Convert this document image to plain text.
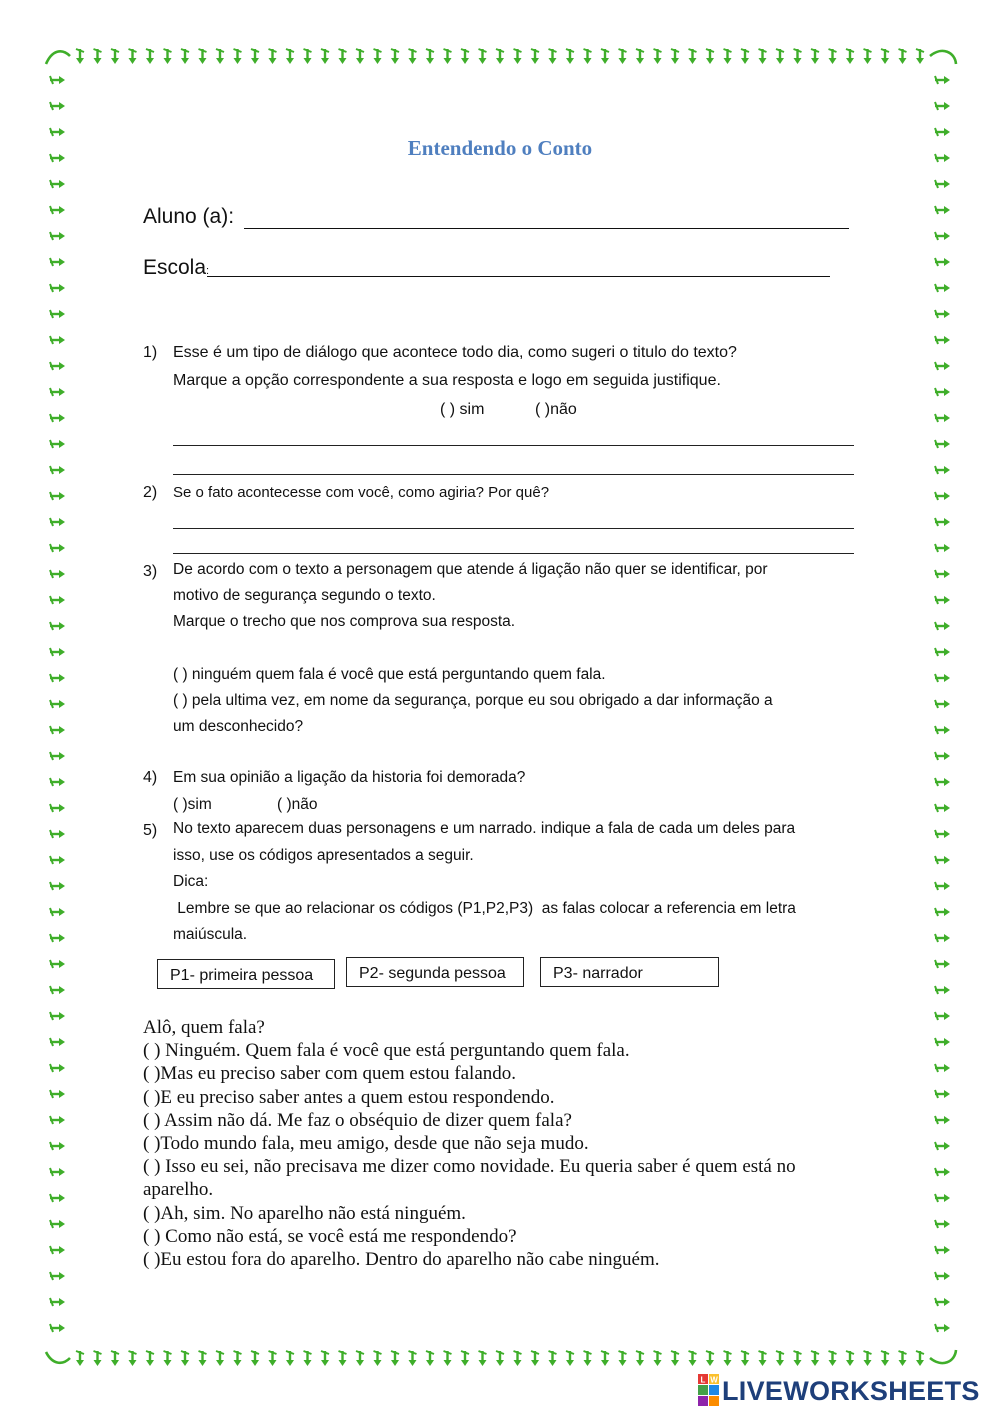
Entendendo o Conto
Aluno (a):
Escola:
1) Esse é um tipo de diálogo que acontece todo dia, como sugeri o titulo do texto?
Marque a opção correspondente a sua resposta e logo em seguida justifique.
( ) sim	( )não
2) Se o fato acontecesse com você, como agiria? Por quê?
3) De acordo com o texto a personagem que atende á ligação não quer se identificar, por
motivo de segurança segundo o texto.
Marque o trecho que nos comprova sua resposta.
( ) ninguém quem fala é você que está perguntando quem fala.
( ) pela ultima vez, em nome da segurança, porque eu sou obrigado a dar informação a
um desconhecido?
4) Em sua opinião a ligação da historia foi demorada?
( )sim	( )não
5) No texto aparecem duas personagens e um narrado. indique a fala de cada um deles para
isso, use os códigos apresentados a seguir.
Dica:
Lembre se que ao relacionar os códigos (P1,P2,P3)  as falas colocar a referencia em letra
maiúscula.
P1- primeira pessoa	P2- segunda pessoa	P3- narrador
Alô, quem fala?
( ) Ninguém. Quem fala é você que está perguntando quem fala.
( )Mas eu preciso saber com quem estou falando.
( )E eu preciso saber antes a quem estou respondendo.
( ) Assim não dá. Me faz o obséquio de dizer quem fala?
( )Todo mundo fala, meu amigo, desde que não seja mudo.
( ) Isso eu sei, não precisava me dizer como novidade. Eu queria saber é quem está no aparelho.
( )Ah, sim. No aparelho não está ninguém.
( ) Como não está, se você está me respondendo?
( )Eu estou fora do aparelho. Dentro do aparelho não cabe ninguém.
L W LIVEWORKSHEETS
